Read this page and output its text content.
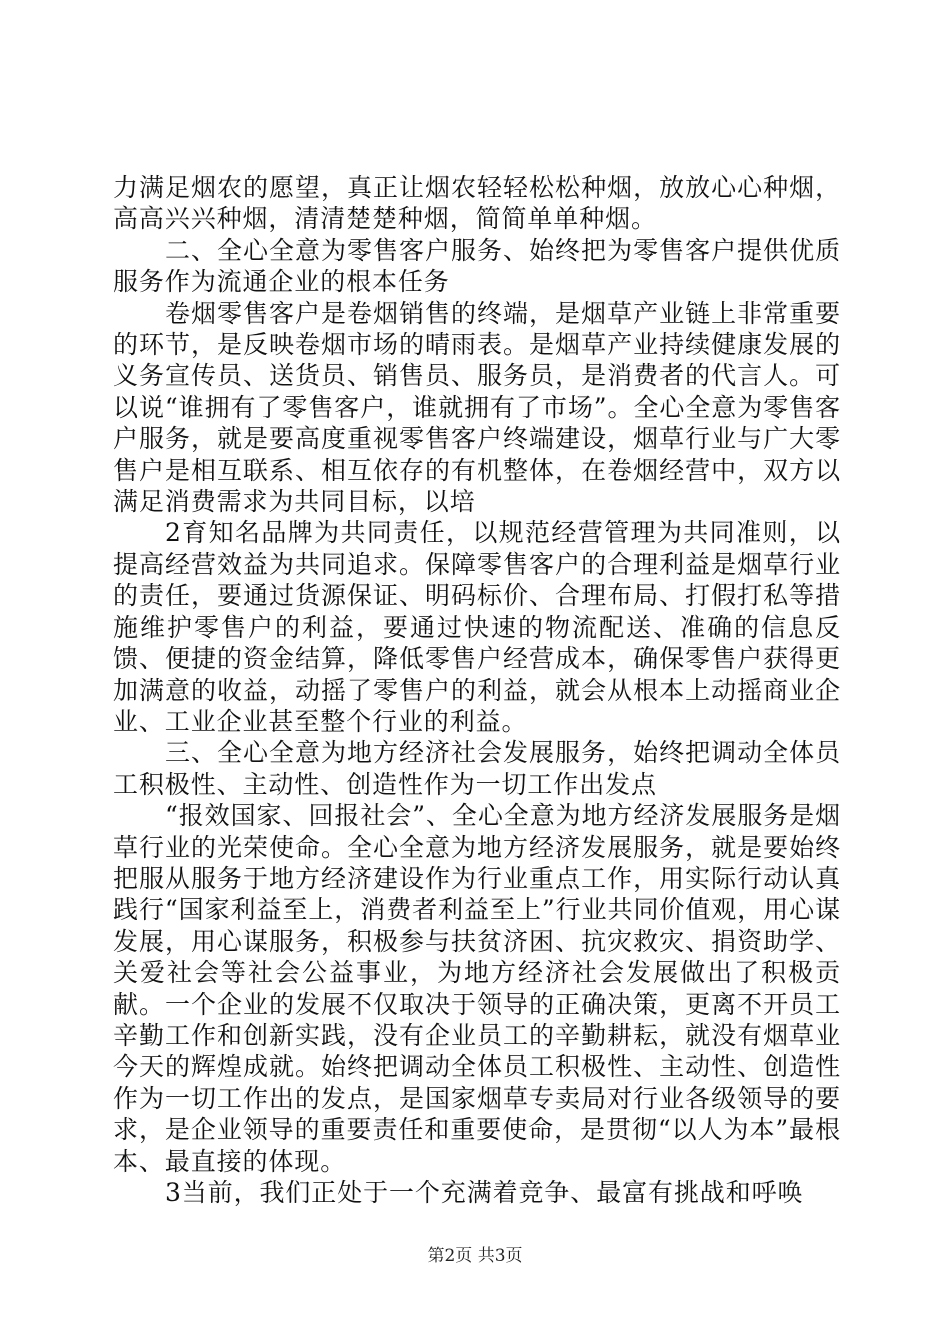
力满足烟农的愿望，真正让烟农轻轻松松种烟，放放心心种烟，高高兴兴种烟，清清楚楚种烟，简简单单种烟。

二、全心全意为零售客户服务、始终把为零售客户提供优质服务作为流通企业的根本任务

卷烟零售客户是卷烟销售的终端，是烟草产业链上非常重要的环节，是反映卷烟市场的晴雨表。是烟草产业持续健康发展的义务宣传员、送货员、销售员、服务员，是消费者的代言人。可以说“谁拥有了零售客户，谁就拥有了市场”。全心全意为零售客户服务，就是要高度重视零售客户终端建设，烟草行业与广大零售户是相互联系、相互依存的有机整体，在卷烟经营中，双方以满足消费需求为共同目标，以培

2育知名品牌为共同责任，以规范经营管理为共同准则，以提高经营效益为共同追求。保障零售客户的合理利益是烟草行业的责任，要通过货源保证、明码标价、合理布局、打假打私等措施维护零售户的利益，要通过快速的物流配送、准确的信息反馈、便捷的资金结算，降低零售户经营成本，确保零售户获得更加满意的收益，动摇了零售户的利益，就会从根本上动摇商业企业、工业企业甚至整个行业的利益。

三、全心全意为地方经济社会发展服务，始终把调动全体员工积极性、主动性、创造性作为一切工作出发点

“报效国家、回报社会”、全心全意为地方经济发展服务是烟草行业的光荣使命。全心全意为地方经济发展服务，就是要始终把服从服务于地方经济建设作为行业重点工作，用实际行动认真践行“国家利益至上，消费者利益至上”行业共同价值观，用心谋发展，用心谋服务，积极参与扶贫济困、抗灾救灾、捐资助学、关爱社会等社会公益事业，为地方经济社会发展做出了积极贡献。一个企业的发展不仅取决于领导的正确决策，更离不开员工辛勤工作和创新实践，没有企业员工的辛勤耕耘，就没有烟草业今天的辉煌成就。始终把调动全体员工积极性、主动性、创造性作为一切工作出的发点，是国家烟草专卖局对行业各级领导的要求，是企业领导的重要责任和重要使命，是贯彻“以人为本”最根本、最直接的体现。

3当前，我们正处于一个充满着竞争、最富有挑战和呼唤

第2页 共3页
